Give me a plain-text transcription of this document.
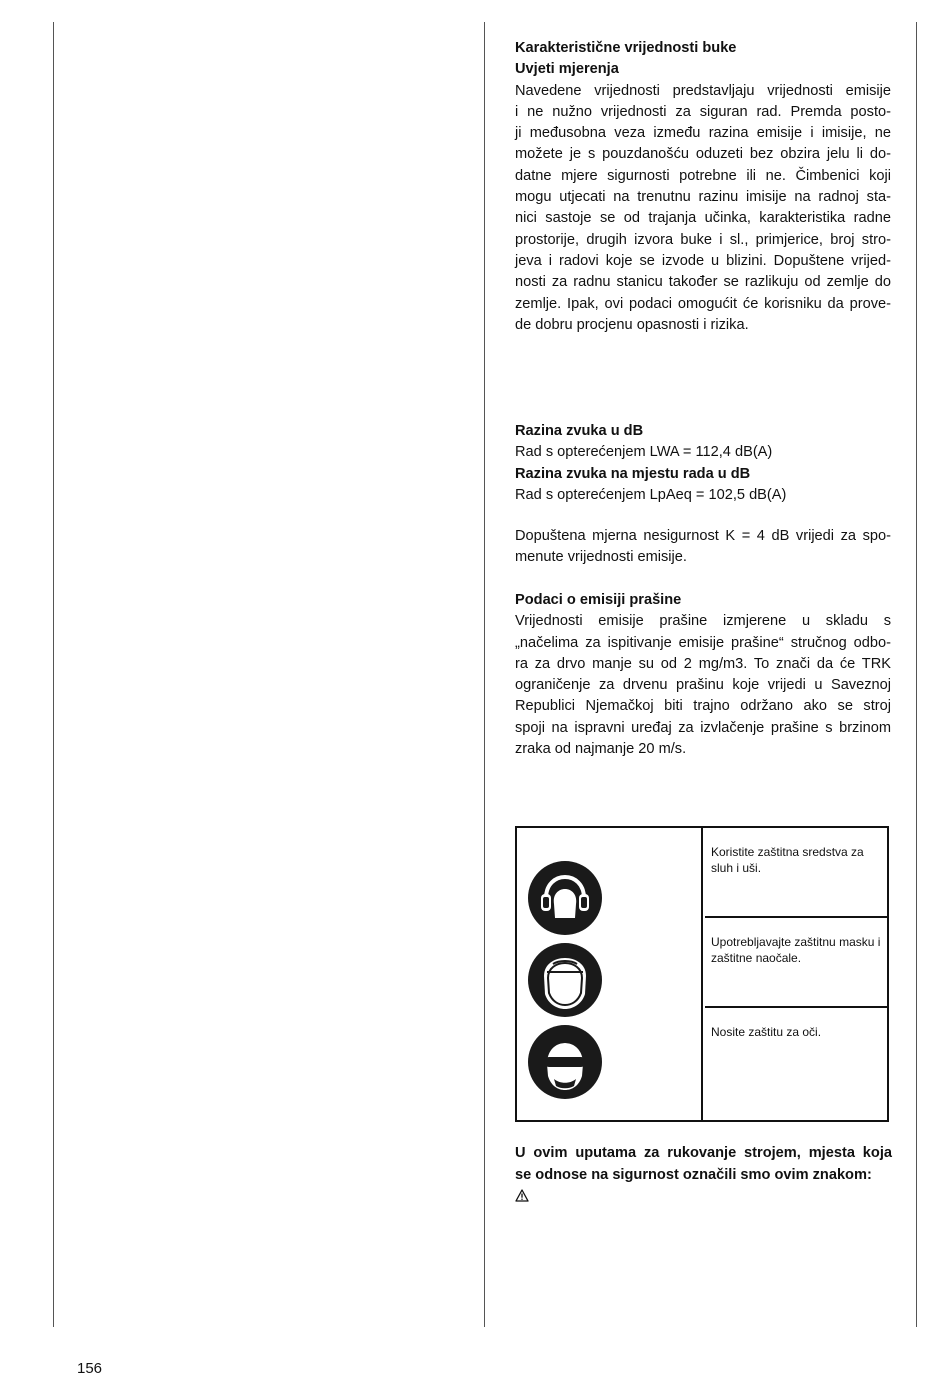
Karakteristične vrijednosti buke
Uvjeti mjerenja

Navedene vrijednosti predstavljaju vrijednosti emisije
i ne nužno vrijednosti za siguran rad. Premda posto-
ji međusobna veza između razina emisije i imisije, ne
možete je s pouzdanošću oduzeti bez obzira jelu li do-
datne mjere sigurnosti potrebne ili ne. Čimbenici koji
mogu utjecati na trenutnu razinu imisije na radnoj sta-
nici sastoje se od trajanja učinka, karakteristika radne
prostorije, drugih izvora buke i sl., primjerice, broj stro-
jeva i radovi koje se izvode u blizini. Dopuštene vrijed-
nosti za radnu stanicu također se razlikuju od zemlje do
zemlje. Ipak, ovi podaci omogućit će korisniku da prove-
de dobru procjenu opasnosti i rizika.

Razina zvuka u dB
Rad s opterećenjem LWA = 112,4 dB(A)
Razina zvuka na mjestu rada u dB
Rad s opterećenjem LpAeq = 102,5 dB(A)

Dopuštena mjerna nesigurnost K = 4 dB vrijedi za spo-
menute vrijednosti emisije.

Podaci o emisiji prašine

Vrijednosti emisije prašine izmjerene u skladu s
„načelima za ispitivanje emisije prašine“ stručnog odbo-
ra za drvo manje su od 2 mg/m3. To znači da će TRK
ograničenje za drvenu prašinu koje vrijedi u Saveznoj
Republici Njemačkoj biti trajno održano ako se stroj
spoji na ispravni uređaj za izvlačenje prašine s brzinom
zraka od najmanje 20 m/s.

Koristite zaštitna sredstva za sluh i uši.
Upotrebljavajte zaštitnu masku i zaštitne naočale.
Nosite zaštitu za oči.
U ovim uputama za rukovanje strojem, mjesta koja
se odnose na sigurnost označili smo ovim znakom:
156
